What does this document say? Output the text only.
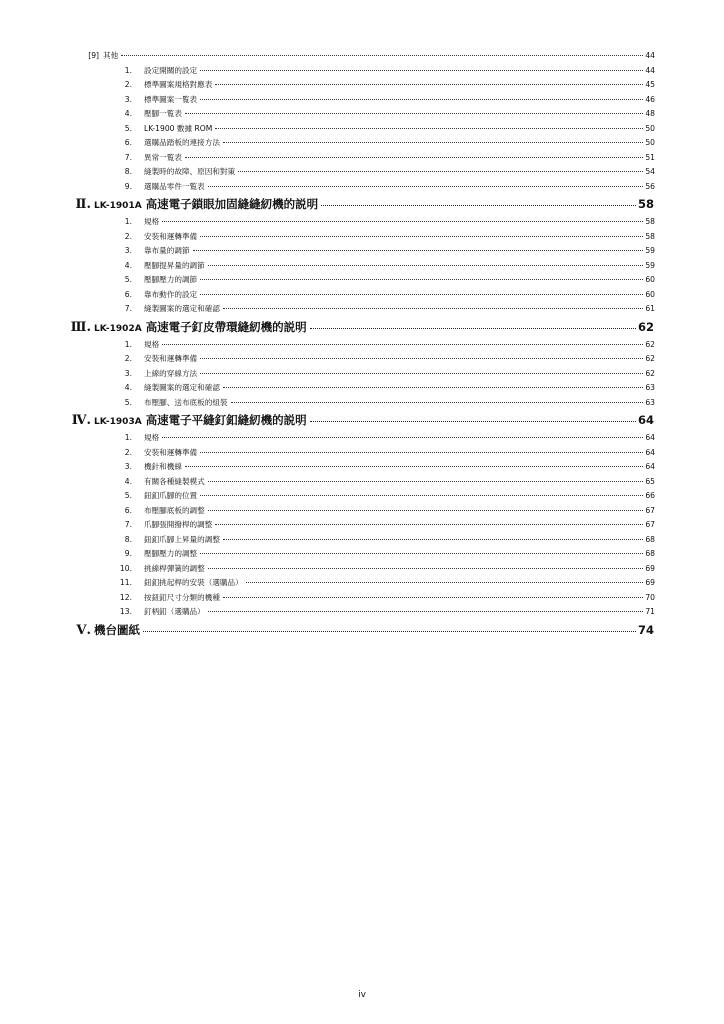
[9] 其他	44
1.	設定開關的設定	44
2.	標準圖案規格對應表	45
3.	標準圖案一覧表	46
4.	壓腳一覧表	48
5.	LK-1900 數據 ROM	50
6.	選購品踏板的連接方法	50
7.	異常一覧表	51
8.	縫製時的故障、原因和對策	54
9.	選購品零件一覧表	56
Ⅱ. LK-1901A 高速電子鎖眼加固縫縫紉機的説明	58
1.	規格	58
2.	安裝和運轉準備	58
3.	靠布量的調節	59
4.	壓腳提昇量的調節	59
5.	壓腳壓力的調節	60
6.	靠布動作的設定	60
7.	縫製圖案的選定和確認	61
Ⅲ. LK-1902A 高速電子釘皮帶環縫紉機的説明	62
1.	規格	62
2.	安裝和運轉準備	62
3.	上線的穿線方法	62
4.	縫製圖案的選定和確認	63
5.	布壓腳、送布底板的組裝	63
Ⅳ. LK-1903A 高速電子平縫釘釦縫紉機的説明	64
1.	規格	64
2.	安裝和運轉準備	64
3.	機針和機線	64
4.	有關各種縫製模式	65
5.	鈕釦爪腳的位置	66
6.	布壓腳底板的調整	67
7.	爪腳張開撥桿的調整	67
8.	鈕釦爪腳上昇量的調整	68
9.	壓腳壓力的調整	68
10.	挑線桿彈簧的調整	69
11.	鈕釦挑起桿的安裝（選購品）	69
12.	按鈕釦尺寸分類的機種	70
13.	釘柄釦（選購品）	71
Ⅴ. 機台圖紙	74
iv
